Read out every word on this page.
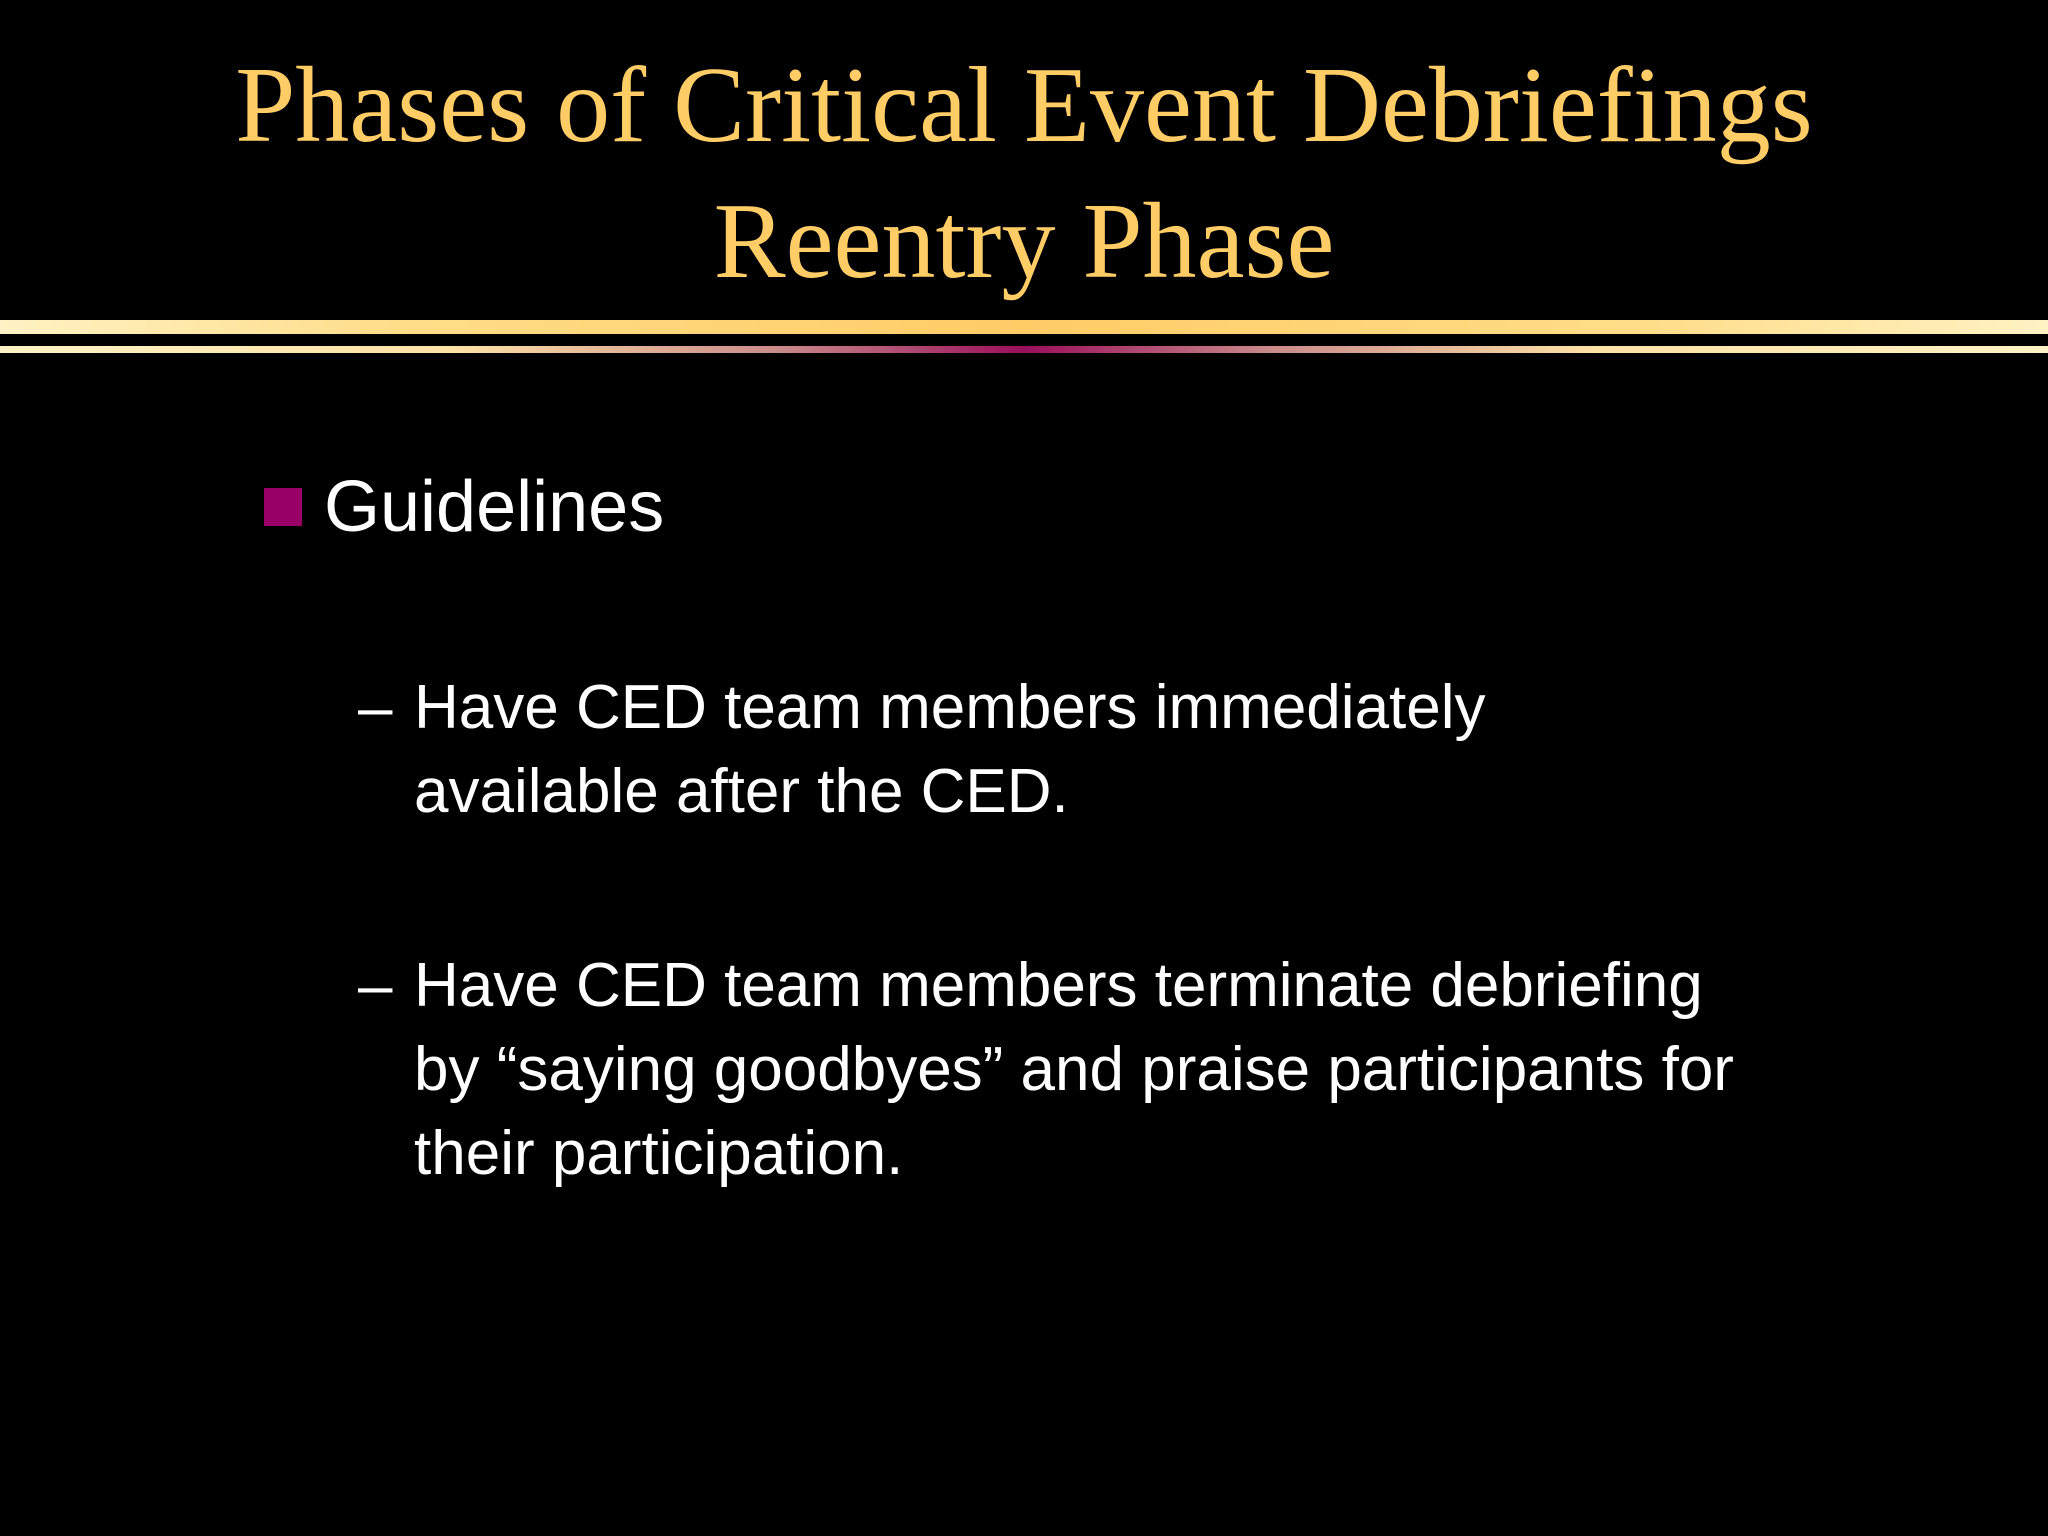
Phases of Critical Event Debriefings
Reentry Phase
Guidelines
– Have CED team members immediately
available after the CED.
– Have CED team members terminate debriefing
by “saying goodbyes” and praise participants for
their participation.
